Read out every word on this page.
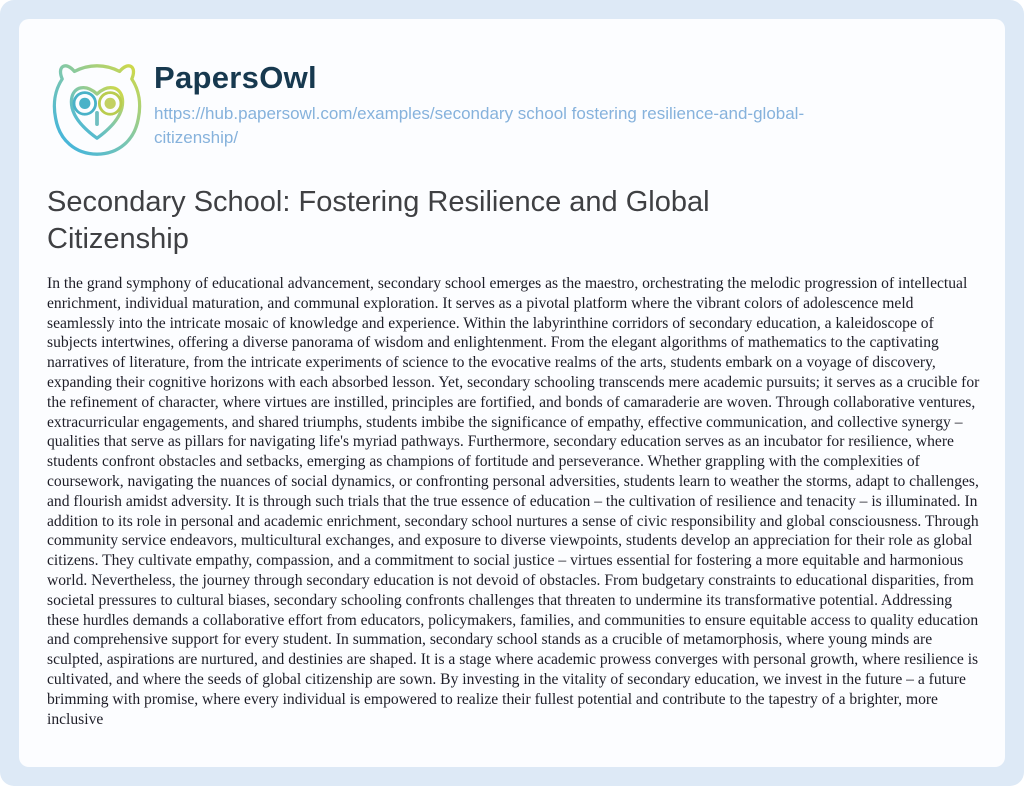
PapersOwl
https://hub.papersowl.com/examples/secondary school fostering resilience-and-global-
citizenship/
Secondary School: Fostering Resilience and Global Citizenship

In the grand symphony of educational advancement, secondary school emerges as the maestro, orchestrating the melodic progression of intellectual enrichment, individual maturation, and communal exploration. It serves as a pivotal platform where the vibrant colors of adolescence meld seamlessly into the intricate mosaic of knowledge and experience. Within the labyrinthine corridors of secondary education, a kaleidoscope of subjects intertwines, offering a diverse panorama of wisdom and enlightenment. From the elegant algorithms of mathematics to the captivating narratives of literature, from the intricate experiments of science to the evocative realms of the arts, students embark on a voyage of discovery, expanding their cognitive horizons with each absorbed lesson. Yet, secondary schooling transcends mere academic pursuits; it serves as a crucible for the refinement of character, where virtues are instilled, principles are fortified, and bonds of camaraderie are woven. Through collaborative ventures, extracurricular engagements, and shared triumphs, students imbibe the significance of empathy, effective communication, and collective synergy – qualities that serve as pillars for navigating life's myriad pathways. Furthermore, secondary education serves as an incubator for resilience, where students confront obstacles and setbacks, emerging as champions of fortitude and perseverance. Whether grappling with the complexities of coursework, navigating the nuances of social dynamics, or confronting personal adversities, students learn to weather the storms, adapt to challenges, and flourish amidst adversity. It is through such trials that the true essence of education – the cultivation of resilience and tenacity – is illuminated. In addition to its role in personal and academic enrichment, secondary school nurtures a sense of civic responsibility and global consciousness. Through community service endeavors, multicultural exchanges, and exposure to diverse viewpoints, students develop an appreciation for their role as global citizens. They cultivate empathy, compassion, and a commitment to social justice – virtues essential for fostering a more equitable and harmonious world. Nevertheless, the journey through secondary education is not devoid of obstacles. From budgetary constraints to educational disparities, from societal pressures to cultural biases, secondary schooling confronts challenges that threaten to undermine its transformative potential. Addressing these hurdles demands a collaborative effort from educators, policymakers, families, and communities to ensure equitable access to quality education and comprehensive support for every student. In summation, secondary school stands as a crucible of metamorphosis, where young minds are sculpted, aspirations are nurtured, and destinies are shaped. It is a stage where academic prowess converges with personal growth, where resilience is cultivated, and where the seeds of global citizenship are sown. By investing in the vitality of secondary education, we invest in the future – a future brimming with promise, where every individual is empowered to realize their fullest potential and contribute to the tapestry of a brighter, more inclusive
